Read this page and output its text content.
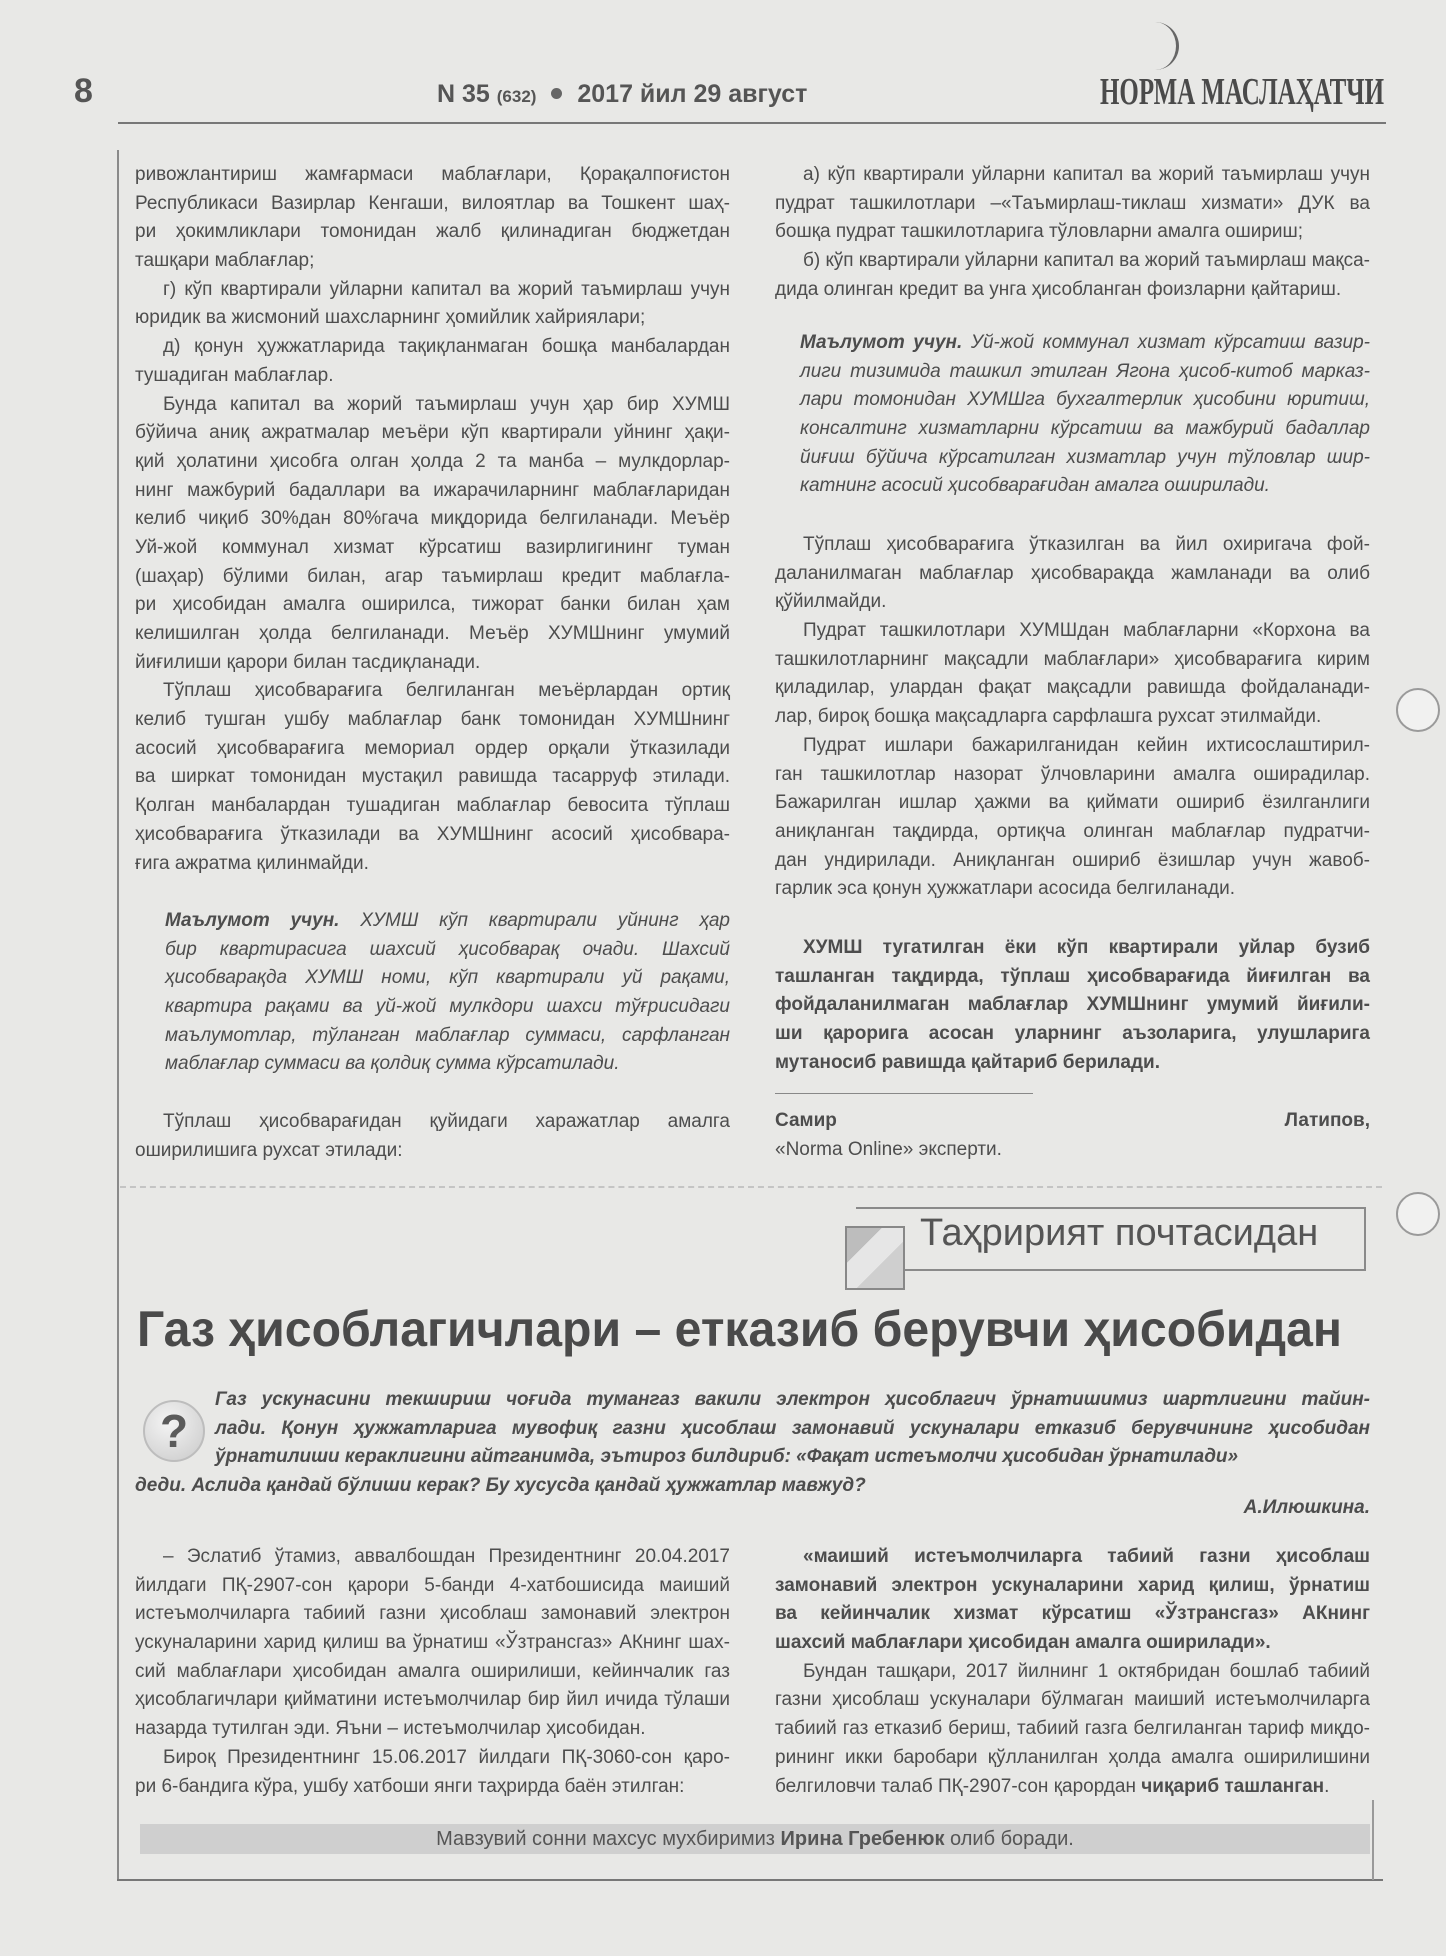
8	N 35 (632) 2017 йил 29 август	НОРМА МАСЛАҲАТЧИ
ривожлантириш жамғармаси маблағлари, Қорақалпоғистон
Республикаси Вазирлар Кенгаши, вилоятлар ва Тошкент шаҳ-
ри ҳокимликлари томонидан жалб қилинадиган бюджетдан
ташқари маблағлар;
г) кўп квартирали уйларни капитал ва жорий таъмирлаш учун
юридик ва жисмоний шахсларнинг ҳомийлик хайриялари;
д) қонун ҳужжатларида тақиқланмаган бошқа манбалардан
тушадиган маблағлар.
Бунда капитал ва жорий таъмирлаш учун ҳар бир ХУМШ
бўйича аниқ ажратмалар меъёри кўп квартирали уйнинг ҳақи-
қий ҳолатини ҳисобга олган ҳолда 2 та манба – мулкдорлар-
нинг мажбурий бадаллари ва ижарачиларнинг маблағларидан
келиб чиқиб 30%дан 80%гача миқдорида белгиланади. Меъёр
Уй-жой коммунал хизмат кўрсатиш вазирлигининг туман
(шаҳар) бўлими билан, агар таъмирлаш кредит маблағла-
ри ҳисобидан амалга оширилса, тижорат банки билан ҳам
келишилган ҳолда белгиланади. Меъёр ХУМШнинг умумий
йиғилиши қарори билан тасдиқланади.
Тўплаш ҳисобварағига белгиланган меъёрлардан ортиқ
келиб тушган ушбу маблағлар банк томонидан ХУМШнинг
асосий ҳисобварағига мемориал ордер орқали ўтказилади
ва ширкат томонидан мустақил равишда тасарруф этилади.
Қолган манбалардан тушадиган маблағлар бевосита тўплаш
ҳисобварағига ўтказилади ва ХУМШнинг асосий ҳисобвара-
ғига ажратма қилинмайди.
Маълумот учун. ХУМШ кўп квартирали уйнинг ҳар
бир квартирасига шахсий ҳисобварақ очади. Шахсий
ҳисобварақда ХУМШ номи, кўп квартирали уй рақами,
квартира рақами ва уй-жой мулкдори шахси тўғрисидаги
маълумотлар, тўланган маблағлар суммаси, сарфланган
маблағлар суммаси ва қолдиқ сумма кўрсатилади.
Тўплаш ҳисобварағидан қуйидаги харажатлар амалга
оширилишига рухсат этилади:
а) кўп квартирали уйларни капитал ва жорий таъмирлаш учун
пудрат ташкилотлари –«Таъмирлаш-тиклаш хизмати» ДУК ва
бошқа пудрат ташкилотларига тўловларни амалга ошириш;
б) кўп квартирали уйларни капитал ва жорий таъмирлаш мақса-
дида олинган кредит ва унга ҳисобланган фоизларни қайтариш.
Маълумот учун. Уй-жой коммунал хизмат кўрсатиш вазир-
лиги тизимида ташкил этилган Ягона ҳисоб-китоб марказ-
лари томонидан ХУМШга бухгалтерлик ҳисобини юритиш,
консалтинг хизматларни кўрсатиш ва мажбурий бадаллар
йиғиш бўйича кўрсатилган хизматлар учун тўловлар шир-
катнинг асосий ҳисобварағидан амалга оширилади.
Тўплаш ҳисобварағига ўтказилган ва йил охиригача фой-
даланилмаган маблағлар ҳисобварақда жамланади ва олиб
қўйилмайди.
Пудрат ташкилотлари ХУМШдан маблағларни «Корхона ва
ташкилотларнинг мақсадли маблағлари» ҳисобварағига кирим
қиладилар, улардан фақат мақсадли равишда фойдаланади-
лар, бироқ бошқа мақсадларга сарфлашга рухсат этилмайди.
Пудрат ишлари бажарилганидан кейин ихтисослаштирил-
ган ташкилотлар назорат ўлчовларини амалга оширадилар.
Бажарилган ишлар ҳажми ва қиймати ошириб ёзилганлиги
аниқланган тақдирда, ортиқча олинган маблағлар пудратчи-
дан ундирилади. Аниқланган ошириб ёзишлар учун жавоб-
гарлик эса қонун ҳужжатлари асосида белгиланади.
ХУМШ тугатилган ёки кўп квартирали уйлар бузиб
ташланган тақдирда, тўплаш ҳисобварағида йиғилган ва
фойдаланилмаган маблағлар ХУМШнинг умумий йиғили-
ши қарорига асосан уларнинг аъзоларига, улушларига
мутаносиб равишда қайтариб берилади.
Самир Латипов,
«Norma Online» эксперти.
Таҳририят почтасидан
Газ ҳисоблагичлари – етказиб берувчи ҳисобидан
?
Газ ускунасини текшириш чоғида тумангаз вакили электрон ҳисоблагич ўрнатишимиз шартлигини тайин-
лади. Қонун ҳужжатларига мувофиқ газни ҳисоблаш замонавий ускуналари етказиб берувчининг ҳисобидан
ўрнатилиши кераклигини айтганимда, эътироз билдириб: «Фақат истеъмолчи ҳисобидан ўрнатилади»
деди. Аслида қандай бўлиши керак? Бу хусусда қандай ҳужжатлар мавжуд?
А.Илюшкина.
– Эслатиб ўтамиз, аввалбошдан Президентнинг 20.04.2017
йилдаги ПҚ-2907-сон қарори 5-банди 4-хатбошисида маиший
истеъмолчиларга табиий газни ҳисоблаш замонавий электрон
ускуналарини харид қилиш ва ўрнатиш «Ўзтрансгаз» АКнинг шах-
сий маблағлари ҳисобидан амалга оширилиши, кейинчалик газ
ҳисоблагичлари қийматини истеъмолчилар бир йил ичида тўлаши
назарда тутилган эди. Яъни – истеъмолчилар ҳисобидан.
Бироқ Президентнинг 15.06.2017 йилдаги ПҚ-3060-сон қаро-
ри 6-бандига кўра, ушбу хатбоши янги таҳрирда баён этилган:
«маиший истеъмолчиларга табиий газни ҳисоблаш
замонавий электрон ускуналарини харид қилиш, ўрнатиш
ва кейинчалик хизмат кўрсатиш «Ўзтрансгаз» АКнинг
шахсий маблағлари ҳисобидан амалга оширилади».
Бундан ташқари, 2017 йилнинг 1 октябридан бошлаб табиий
газни ҳисоблаш ускуналари бўлмаган маиший истеъмолчиларга
табиий газ етказиб бериш, табиий газга белгиланган тариф миқдо-
рининг икки баробари қўлланилган ҳолда амалга оширилишини
белгиловчи талаб ПҚ-2907-сон қарордан чиқариб ташланган.
Мавзувий сонни махсус мухбиримиз Ирина Гребенюк олиб боради.
